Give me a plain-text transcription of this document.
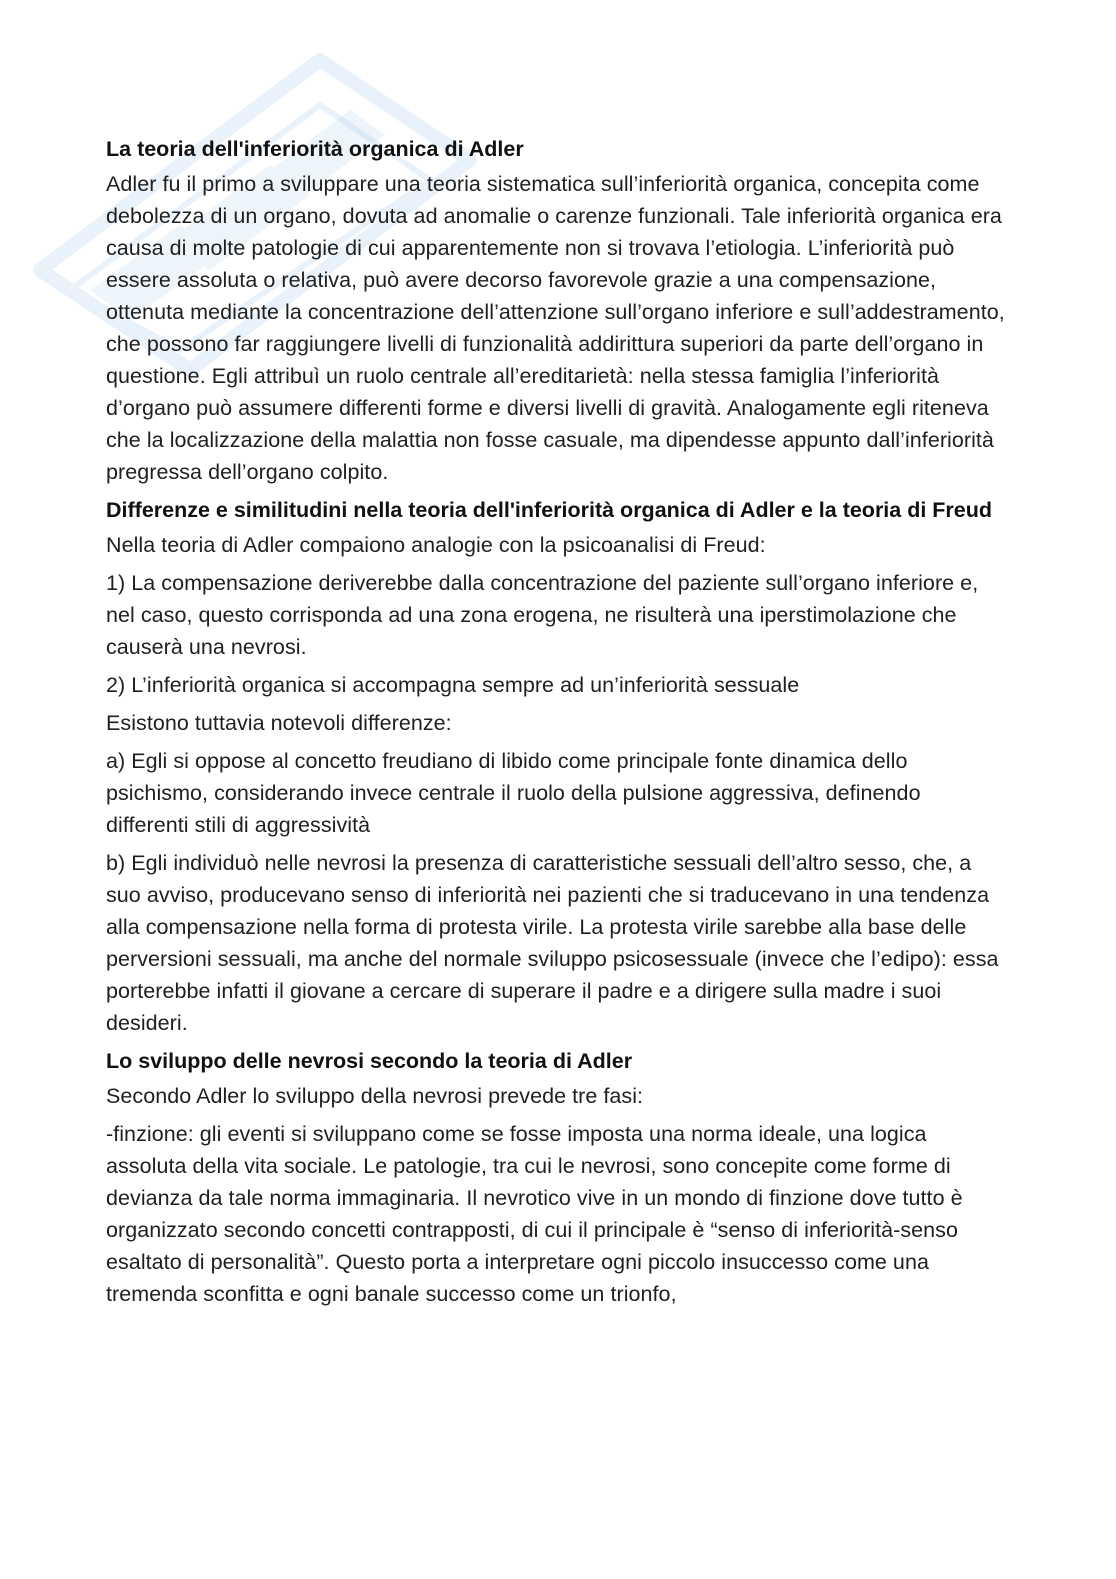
La teoria dell'inferiorità organica di Adler

Adler fu il primo a sviluppare una teoria sistematica sull’inferiorità organica, concepita come debolezza di un organo, dovuta ad anomalie o carenze funzionali. Tale inferiorità organica era causa di molte patologie di cui apparentemente non si trovava l’etiologia. L’inferiorità può essere assoluta o relativa, può avere decorso favorevole grazie a una compensazione, ottenuta mediante la concentrazione dell’attenzione sull’organo inferiore e sull’addestramento, che possono far raggiungere livelli di funzionalità addirittura superiori da parte dell’organo in questione. Egli attribuì un ruolo centrale all’ereditarietà: nella stessa famiglia l’inferiorità d’organo può assumere differenti forme e diversi livelli di gravità. Analogamente egli riteneva che la localizzazione della malattia non fosse casuale, ma dipendesse appunto dall’inferiorità pregressa dell’organo colpito.

Differenze e similitudini nella teoria dell'inferiorità organica di Adler e la teoria di Freud

Nella teoria di Adler compaiono analogie con la psicoanalisi di Freud:

1) La compensazione deriverebbe dalla concentrazione del paziente sull’organo inferiore e, nel caso, questo corrisponda ad una zona erogena, ne risulterà una iperstimolazione che causerà una nevrosi.

2) L’inferiorità organica si accompagna sempre ad un’inferiorità sessuale

Esistono tuttavia notevoli differenze:

a) Egli si oppose al concetto freudiano di libido come principale fonte dinamica dello psichismo, considerando invece centrale il ruolo della pulsione aggressiva, definendo differenti stili di aggressività

b) Egli individuò nelle nevrosi la presenza di caratteristiche sessuali dell’altro sesso, che, a suo avviso, producevano senso di inferiorità nei pazienti che si traducevano in una tendenza alla compensazione nella forma di protesta virile. La protesta virile sarebbe alla base delle perversioni sessuali, ma anche del normale sviluppo psicosessuale (invece che l’edipo): essa porterebbe infatti il giovane a cercare di superare il padre e a dirigere sulla madre i suoi desideri.

Lo sviluppo delle nevrosi secondo la teoria di Adler

Secondo Adler lo sviluppo della nevrosi prevede tre fasi:

-finzione: gli eventi si sviluppano come se fosse imposta una norma ideale, una logica assoluta della vita sociale. Le patologie, tra cui le nevrosi, sono concepite come forme di devianza da tale norma immaginaria. Il nevrotico vive in un mondo di finzione dove tutto è organizzato secondo concetti contrapposti, di cui il principale è “senso di inferiorità-senso esaltato di personalità”. Questo porta a interpretare ogni piccolo insuccesso come una tremenda sconfitta e ogni banale successo come un trionfo,
